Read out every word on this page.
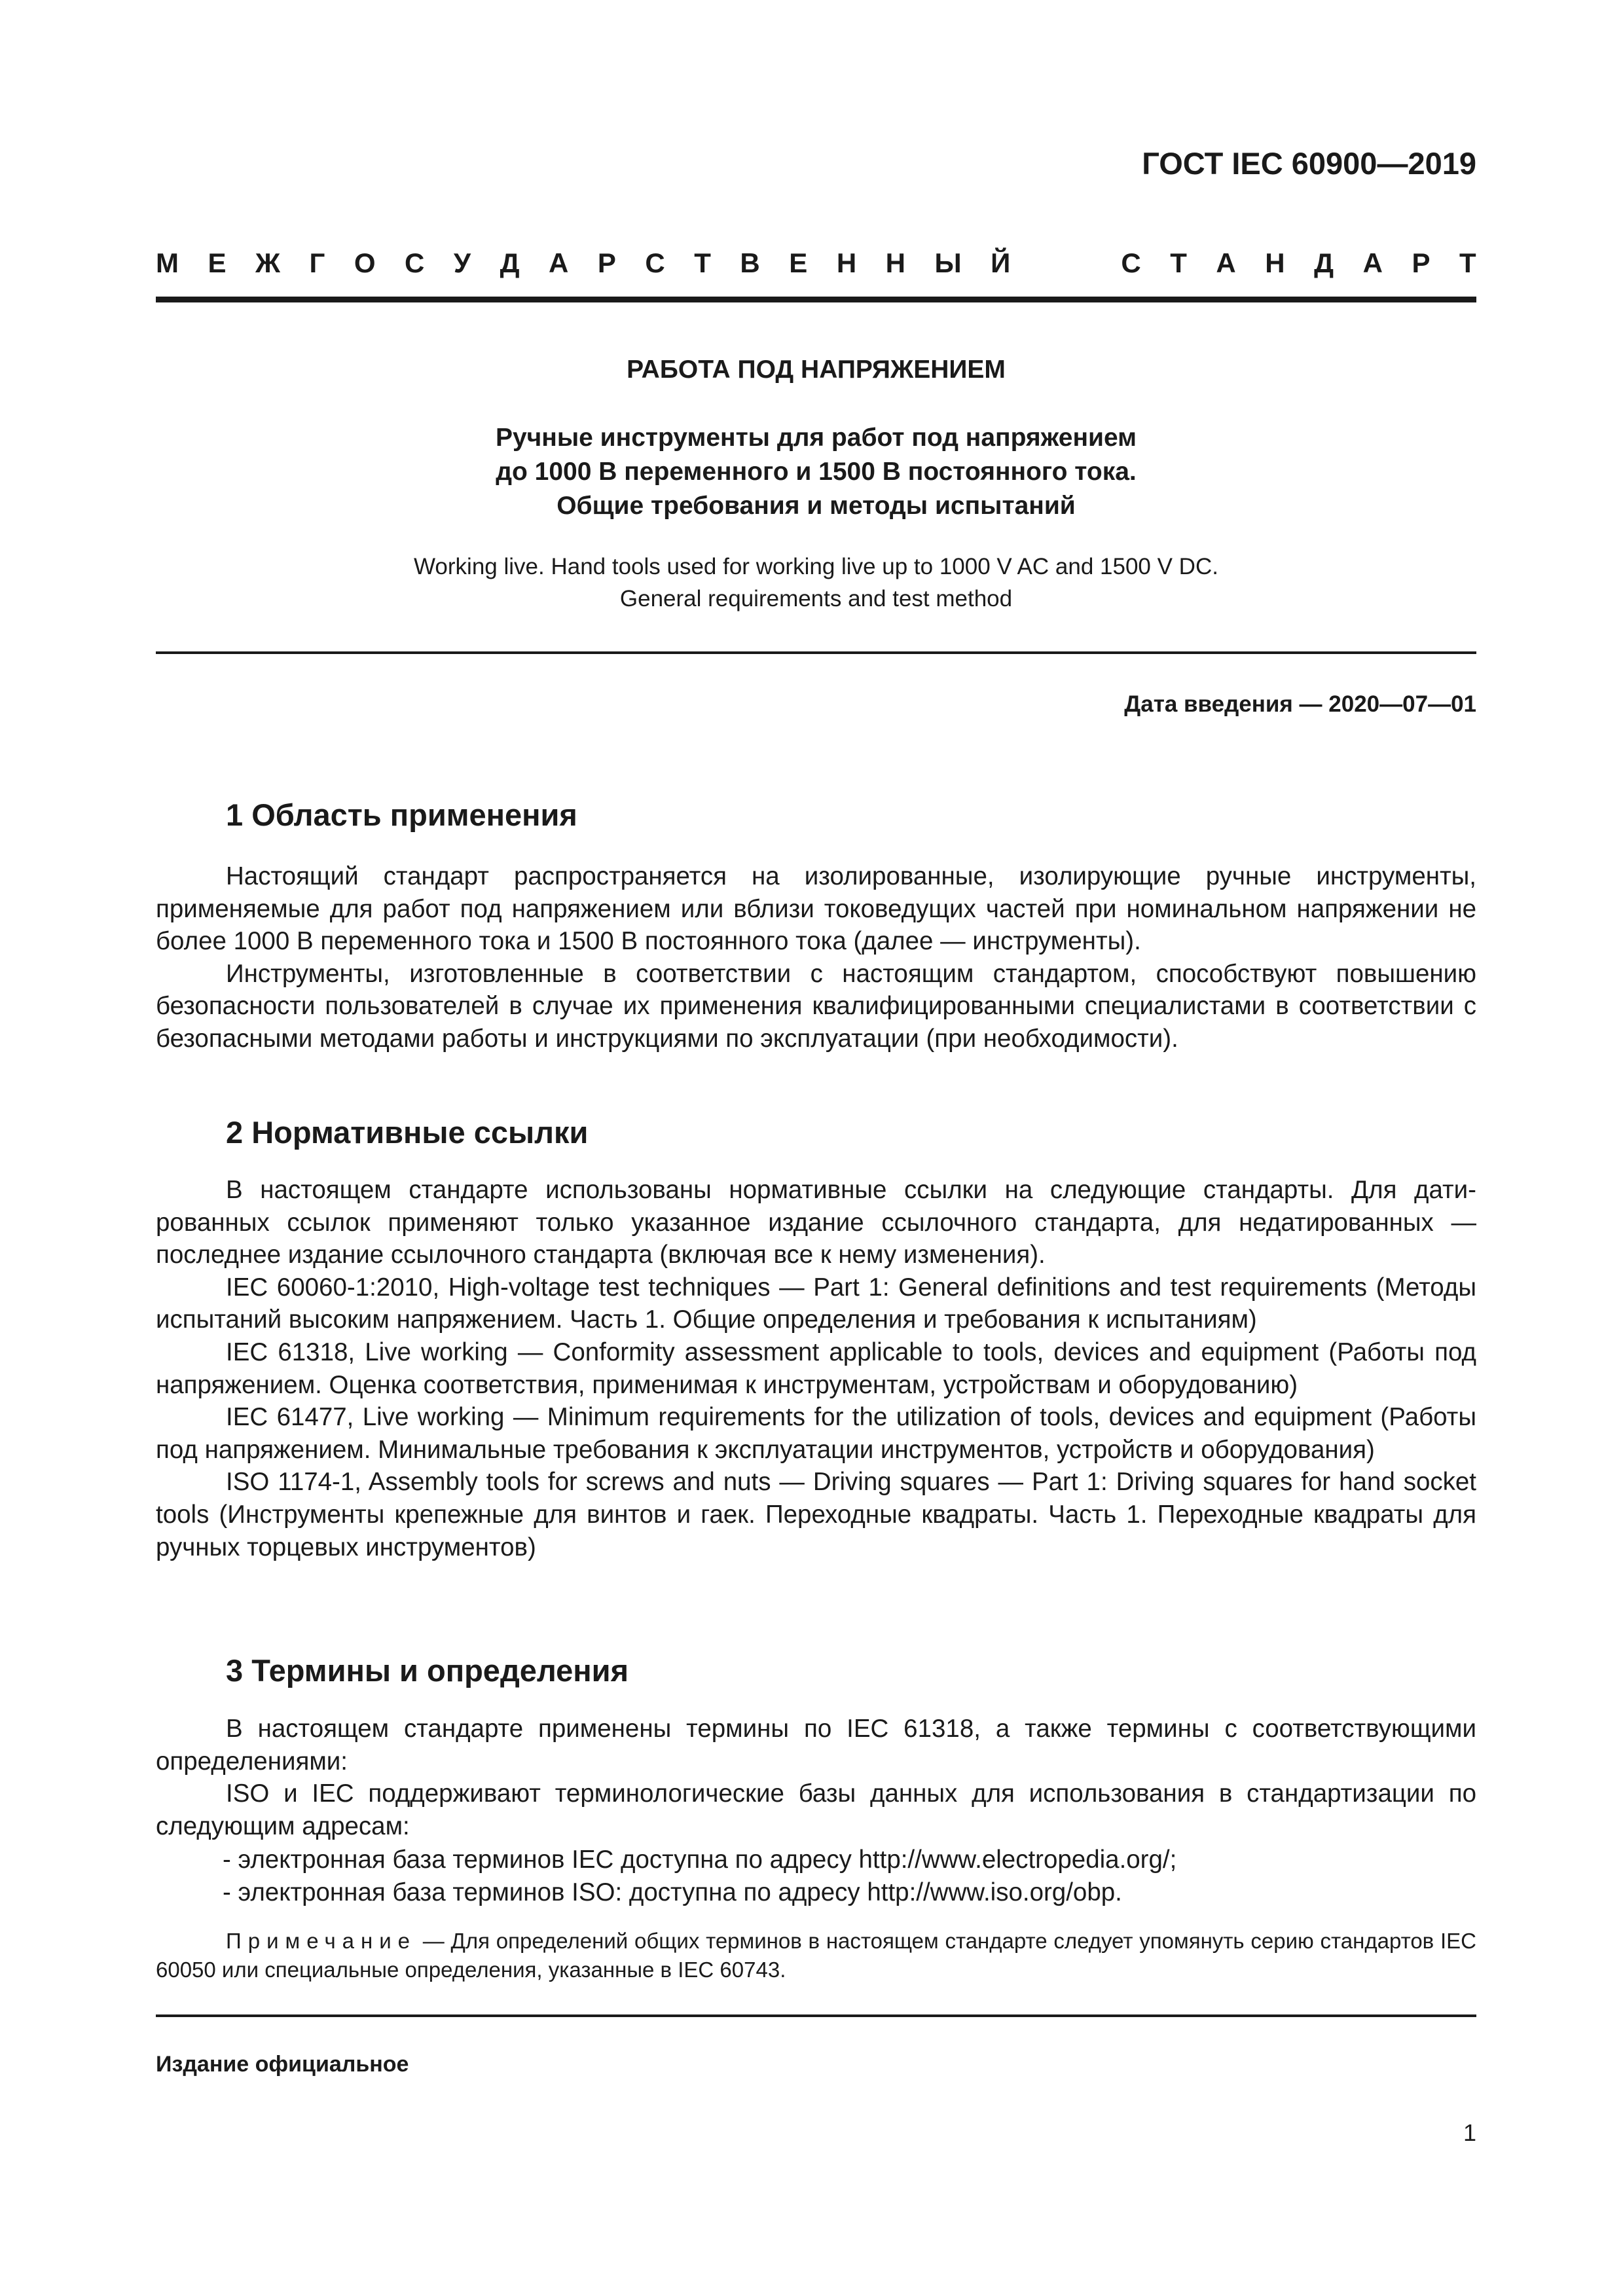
ГОСТ IEC 60900—2019
М Е Ж Г О С У Д А Р С Т В Е Н Н Ы Й	С Т А Н Д А Р Т
РАБОТА ПОД НАПРЯЖЕНИЕМ
Ручные инструменты для работ под напряжением
до 1000 В переменного и 1500 В постоянного тока.
Общие требования и методы испытаний
Working live. Hand tools used for working live up to 1000 V AC and 1500 V DC.
General requirements and test method
Дата введения — 2020—07—01
1 Область применения

Настоящий стандарт распространяется на изолированные, изолирующие ручные инструменты, применяемые для работ под напряжением или вблизи токоведущих частей при номинальном напряжении не более 1000 В переменного тока и 1500 В постоянного тока (далее — инструменты).

Инструменты, изготовленные в соответствии с настоящим стандартом, способствуют повышению безопасности пользователей в случае их применения квалифицированными специалистами в соответствии с безопасными методами работы и инструкциями по эксплуатации (при необходимости).

2 Нормативные ссылки

В настоящем стандарте использованы нормативные ссылки на следующие стандарты. Для датированных ссылок применяют только указанное издание ссылочного стандарта, для недатированных — последнее издание ссылочного стандарта (включая все к нему изменения).

IEC 60060-1:2010, High-voltage test techniques — Part 1: General definitions and test requirements (Методы испытаний высоким напряжением. Часть 1. Общие определения и требования к испытаниям)

IEC 61318, Live working — Conformity assessment applicable to tools, devices and equipment (Работы под напряжением. Оценка соответствия, применимая к инструментам, устройствам и оборудованию)

IEC 61477, Live working — Minimum requirements for the utilization of tools, devices and equipment (Работы под напряжением. Минимальные требования к эксплуатации инструментов, устройств и оборудования)

ISO 1174-1, Assembly tools for screws and nuts — Driving squares — Part 1: Driving squares for hand socket tools (Инструменты крепежные для винтов и гаек. Переходные квадраты. Часть 1. Переходные квадраты для ручных торцевых инструментов)

3 Термины и определения

В настоящем стандарте применены термины по IEC 61318, а также термины с соответствующими определениями:

ISO и IEC поддерживают терминологические базы данных для использования в стандартизации по следующим адресам:

- электронная база терминов IEC доступна по адресу http://www.electropedia.org/;
- электронная база терминов ISO: доступна по адресу http://www.iso.org/obp.

Примечание — Для определений общих терминов в настоящем стандарте следует упомянуть серию стандартов IEC 60050 или специальные определения, указанные в IEC 60743.

Издание официальное
1
